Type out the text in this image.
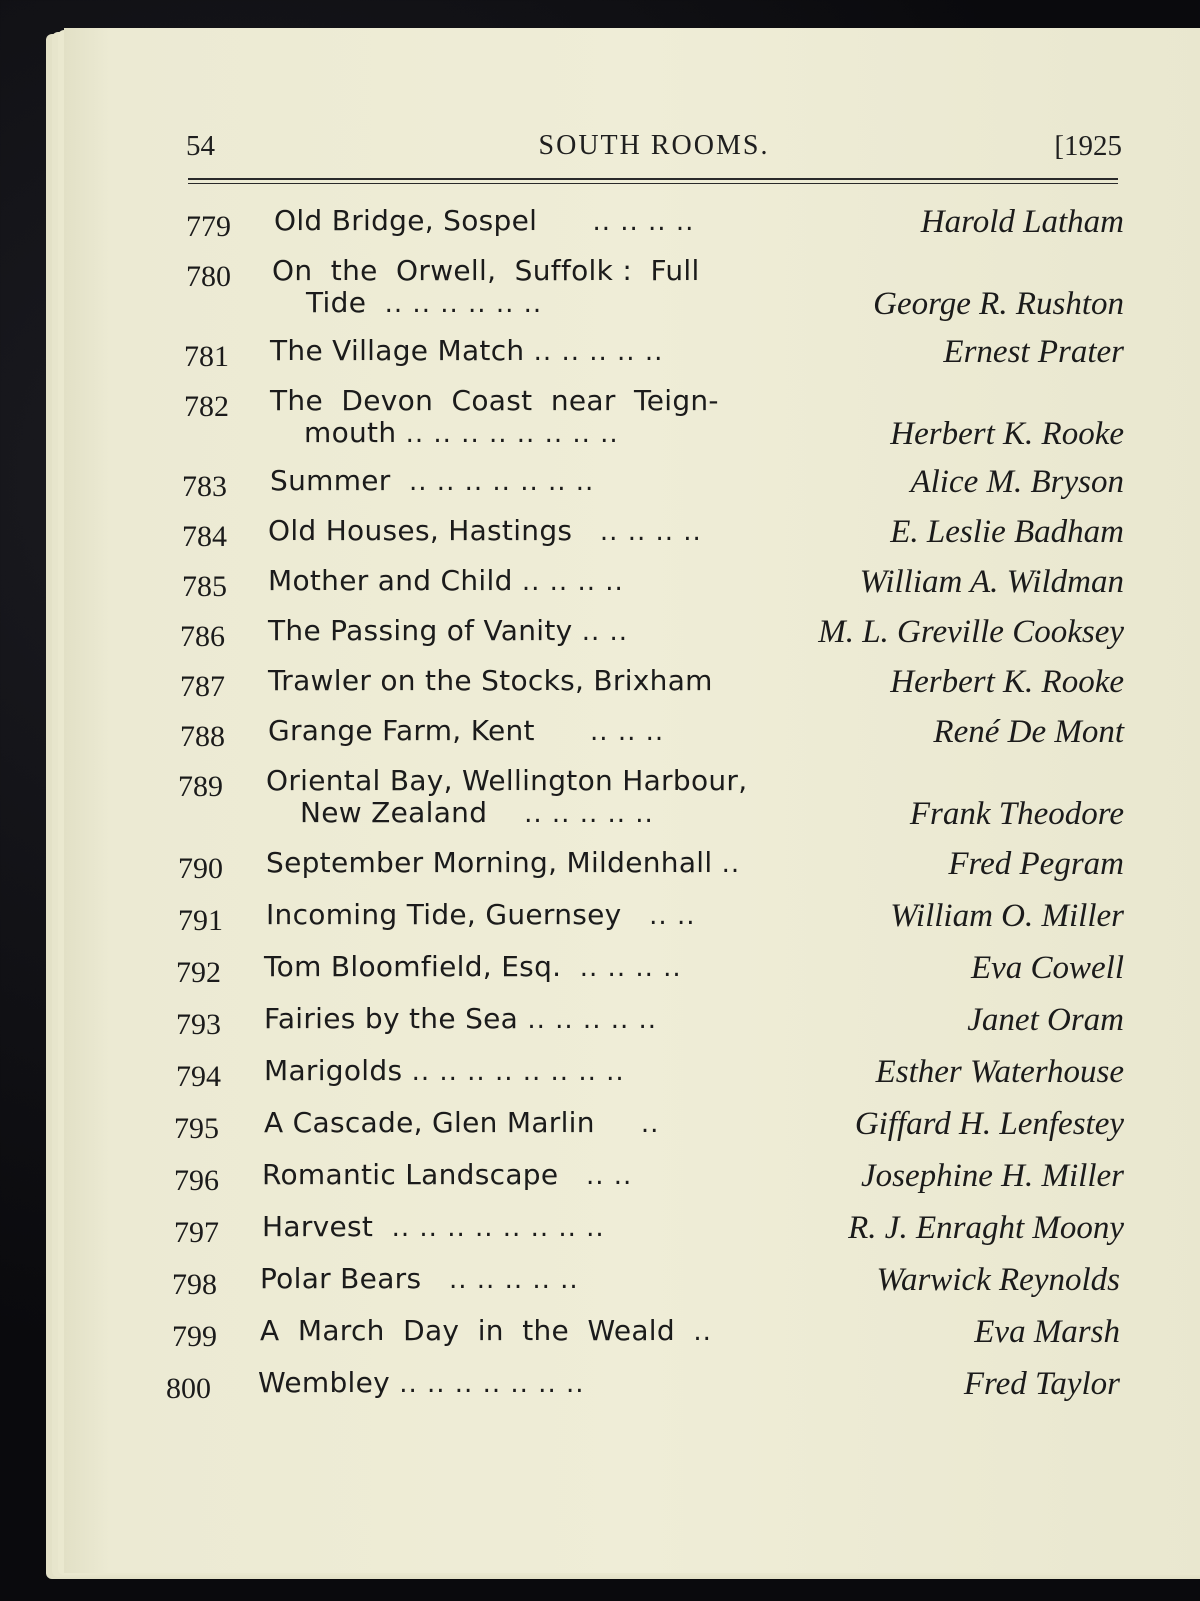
54	SOUTH ROOMS.	[1925
779	Old Bridge, Sospel .. .. .. ..	Harold Latham
780	On  the  Orwell,  Suffolk :  Full
Tide .. .. .. .. .. ..	George R. Rushton
781	The Village Match .. .. .. .. ..	Ernest Prater
782	The  Devon  Coast  near  Teign-
mouth .. .. .. .. .. .. .. ..	Herbert K. Rooke
783	Summer .. .. .. .. .. .. ..	Alice M. Bryson
784	Old Houses, Hastings .. .. .. ..	E. Leslie Badham
785	Mother and Child .. .. .. ..	William A. Wildman
786	The Passing of Vanity .. ..	M. L. Greville Cooksey
787	Trawler on the Stocks, Brixham	Herbert K. Rooke
788	Grange Farm, Kent .. .. ..	René De Mont
789	Oriental Bay, Wellington Harbour,
New Zealand .. .. .. .. ..	Frank Theodore
790	September Morning, Mildenhall ..	Fred Pegram
791	Incoming Tide, Guernsey .. ..	William O. Miller
792	Tom Bloomfield, Esq. .. .. .. ..	Eva Cowell
793	Fairies by the Sea .. .. .. .. ..	Janet Oram
794	Marigolds .. .. .. .. .. .. .. ..	Esther Waterhouse
795	A Cascade, Glen Marlin ..	Giffard H. Lenfestey
796	Romantic Landscape .. ..	Josephine H. Miller
797	Harvest .. .. .. .. .. .. .. ..	R. J. Enraght Moony
798	Polar Bears .. .. .. .. ..	Warwick Reynolds
799	A  March  Day  in  the  Weald ..	Eva Marsh
800	Wembley .. .. .. .. .. .. ..	Fred Taylor
